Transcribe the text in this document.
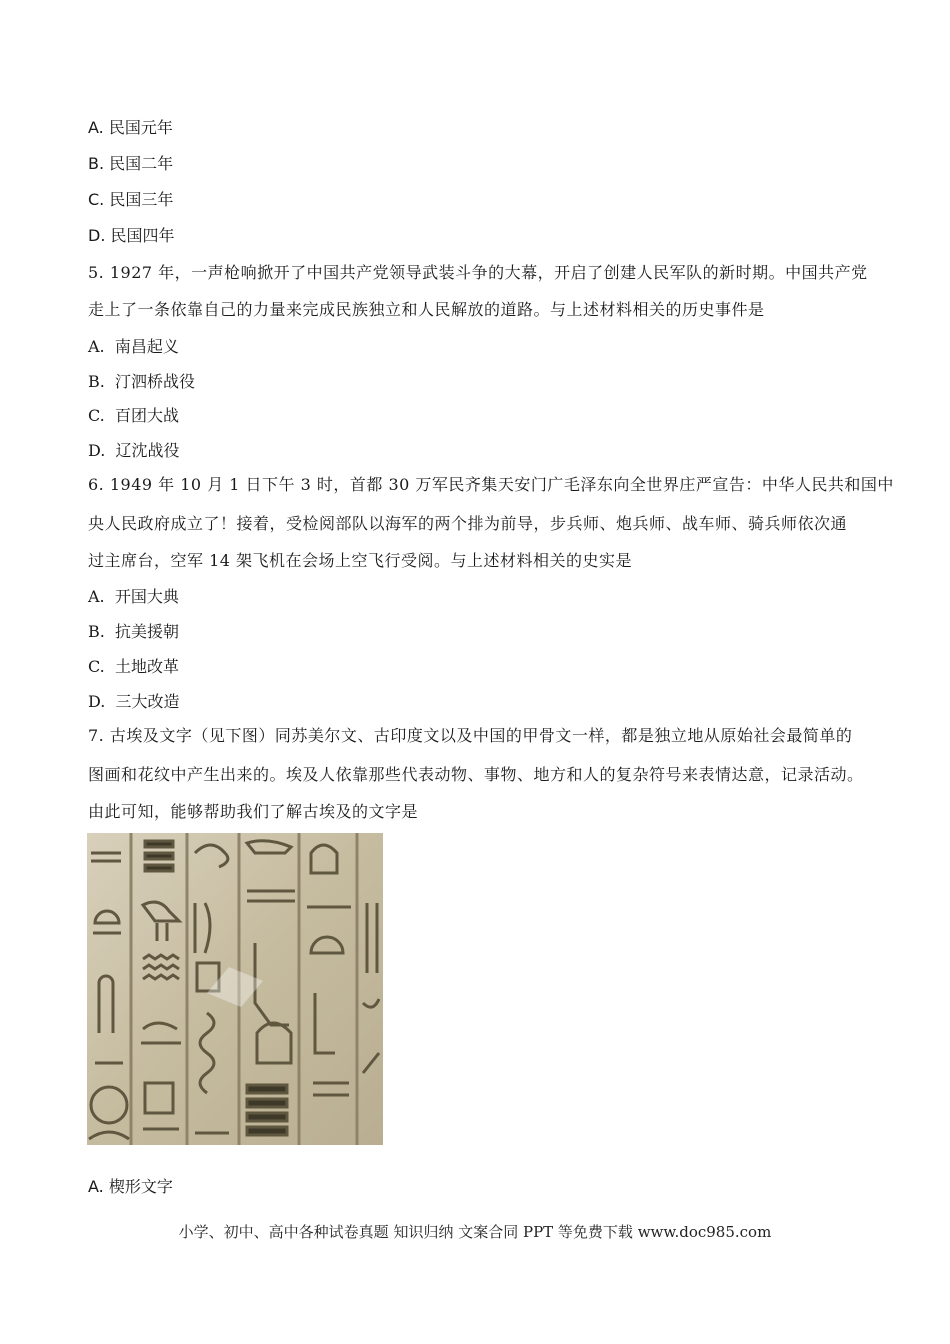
A. 民国元年
B. 民国二年
C. 民国三年
D. 民国四年
5. 1927 年，一声枪响掀开了中国共产党领导武装斗争的大幕，开启了创建人民军队的新时期。中国共产党
走上了一条依靠自己的力量来完成民族独立和人民解放的道路。与上述材料相关的历史事件是
A. 南昌起义
B. 汀泗桥战役
C. 百团大战
D. 辽沈战役
6. 1949 年 10 月 1 日下午 3 时，首都 30 万军民齐集天安门广毛泽东向全世界庄严宣告：中华人民共和国中
央人民政府成立了！接着，受检阅部队以海军的两个排为前导，步兵师、炮兵师、战车师、骑兵师依次通
过主席台，空军 14 架飞机在会场上空飞行受阅。与上述材料相关的史实是
A. 开国大典
B. 抗美援朝
C. 土地改革
D. 三大改造
7. 古埃及文字（见下图）同苏美尔文、古印度文以及中国的甲骨文一样，都是独立地从原始社会最简单的
图画和花纹中产生出来的。埃及人依靠那些代表动物、事物、地方和人的复杂符号来表情达意，记录活动。
由此可知，能够帮助我们了解古埃及的文字是
A. 楔形文字
小学、初中、高中各种试卷真题 知识归纳 文案合同 PPT 等免费下载 www.doc985.com
